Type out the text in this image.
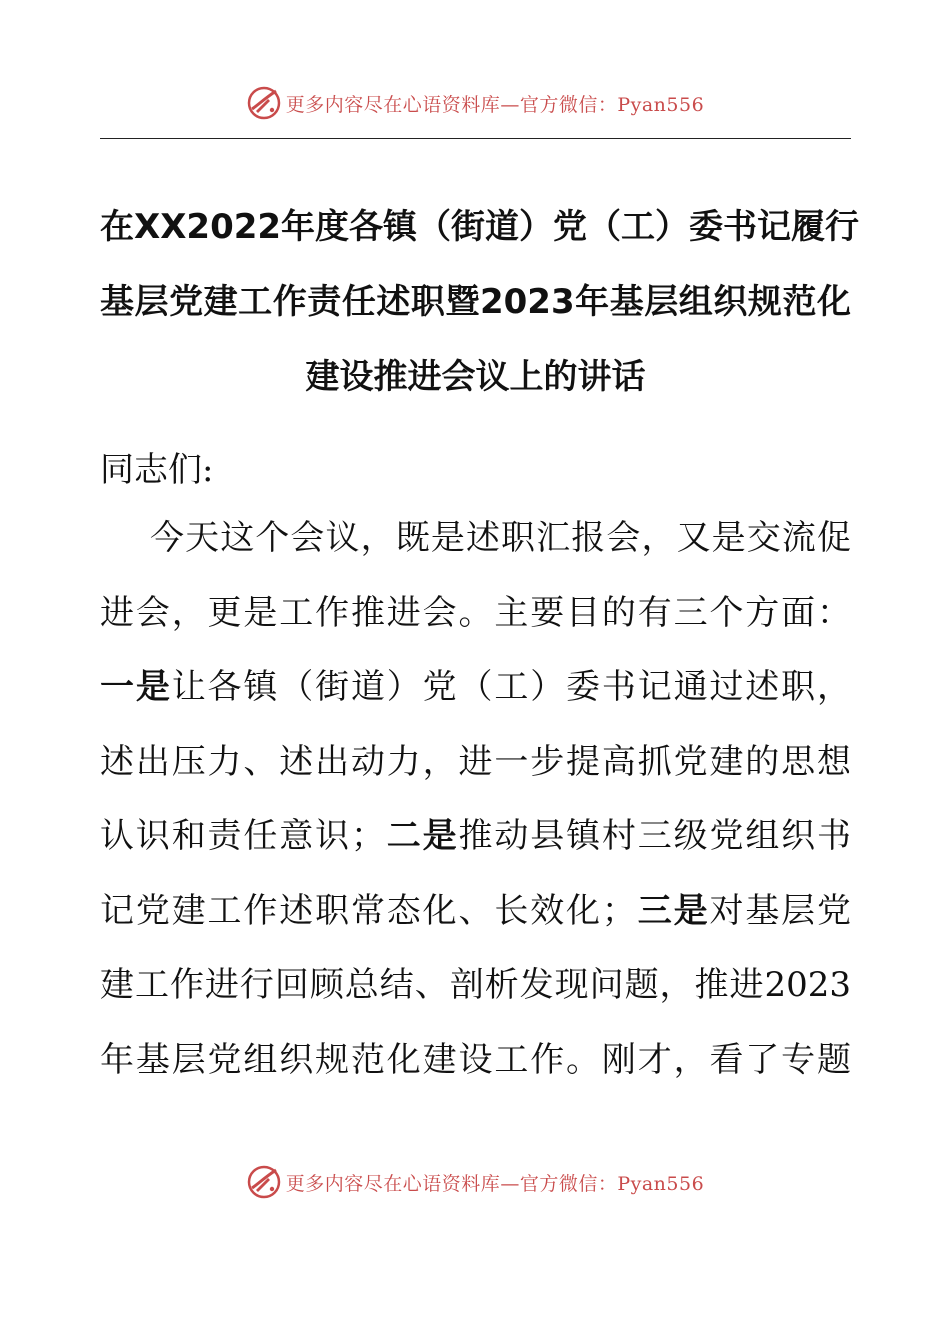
更多内容尽在心语资料库—官方微信：Pyan556
在XX2022年度各镇（街道）党（工）委书记履行
基层党建工作责任述职暨2023年基层组织规范化
建设推进会议上的讲话
同志们:
今天这个会议，既是述职汇报会，又是交流促
进会，更是工作推进会。主要目的有三个方面：
一是让各镇（街道）党（工）委书记通过述职，
述出压力、述出动力，进一步提高抓党建的思想
认识和责任意识；二是推动县镇村三级党组织书
记党建工作述职常态化、长效化；三是对基层党
建工作进行回顾总结、剖析发现问题，推进2023
年基层党组织规范化建设工作。刚才，看了专题
更多内容尽在心语资料库—官方微信：Pyan556
